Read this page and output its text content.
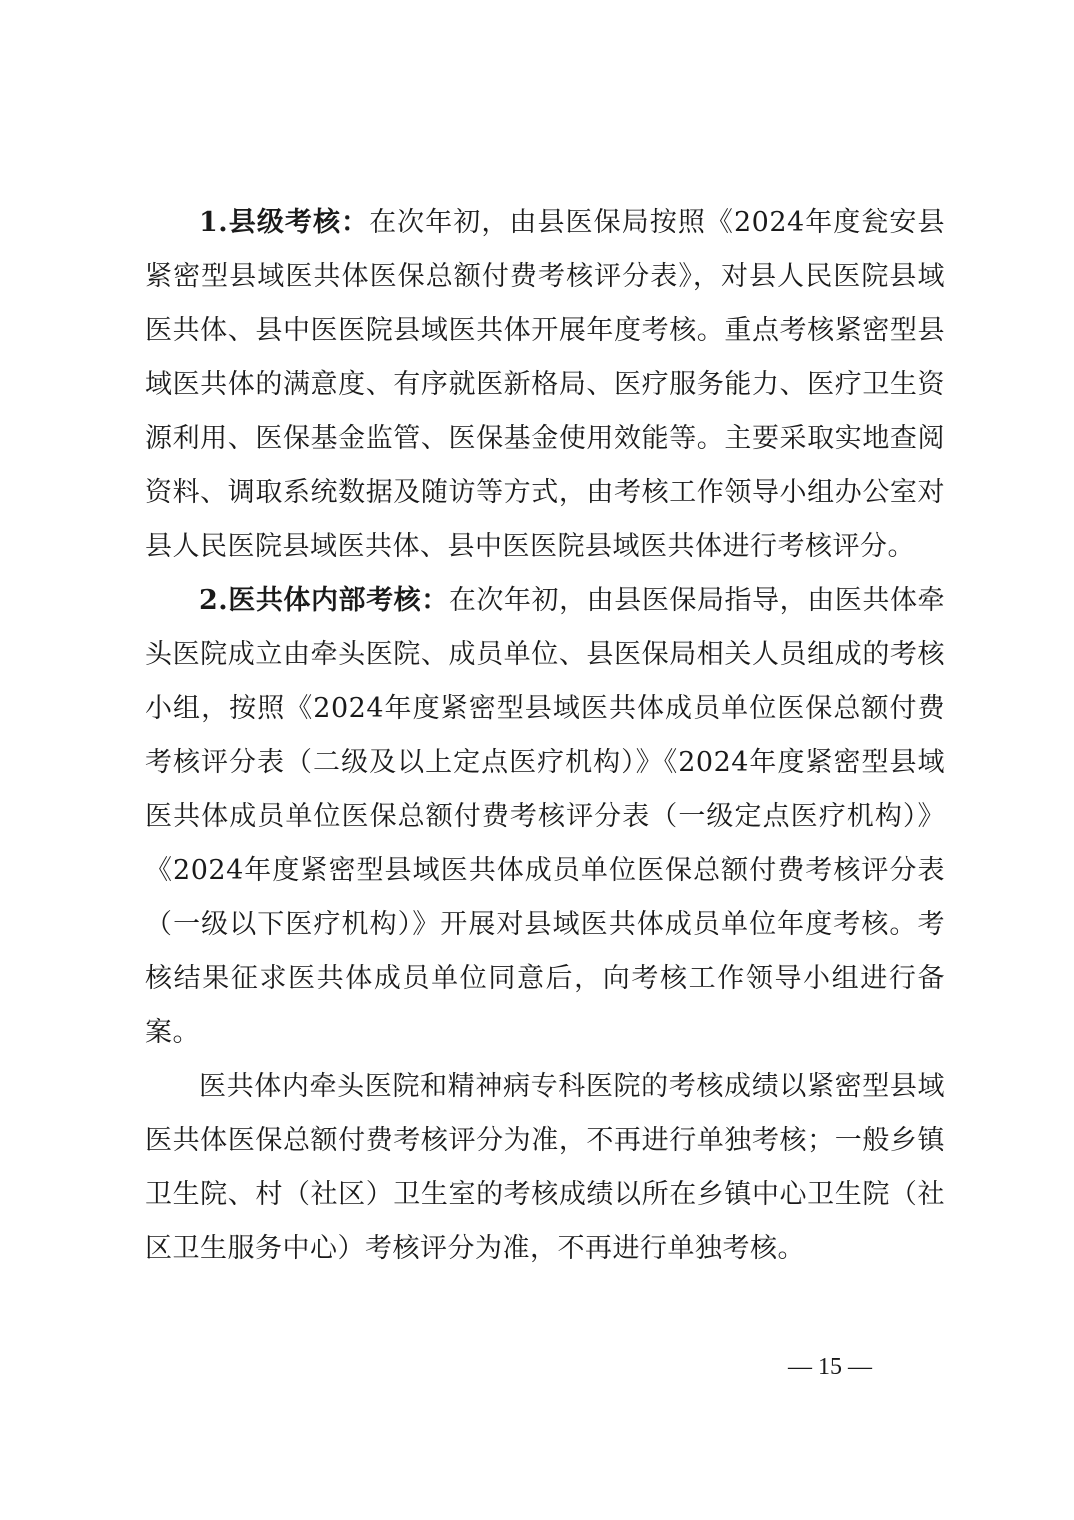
1.县级考核：在次年初，由县医保局按照《2024年度瓮安县紧密型县域医共体医保总额付费考核评分表》，对县人民医院县域医共体、县中医医院县域医共体开展年度考核。重点考核紧密型县域医共体的满意度、有序就医新格局、医疗服务能力、医疗卫生资源利用、医保基金监管、医保基金使用效能等。主要采取实地查阅资料、调取系统数据及随访等方式，由考核工作领导小组办公室对县人民医院县域医共体、县中医医院县域医共体进行考核评分。

2.医共体内部考核：在次年初，由县医保局指导，由医共体牵头医院成立由牵头医院、成员单位、县医保局相关人员组成的考核小组，按照《2024年度紧密型县域医共体成员单位医保总额付费考核评分表（二级及以上定点医疗机构）》《2024年度紧密型县域医共体成员单位医保总额付费考核评分表（一级定点医疗机构）》《2024年度紧密型县域医共体成员单位医保总额付费考核评分表（一级以下医疗机构）》开展对县域医共体成员单位年度考核。考核结果征求医共体成员单位同意后，向考核工作领导小组进行备案。

医共体内牵头医院和精神病专科医院的考核成绩以紧密型县域医共体医保总额付费考核评分为准，不再进行单独考核；一般乡镇卫生院、村（社区）卫生室的考核成绩以所在乡镇中心卫生院（社区卫生服务中心）考核评分为准，不再进行单独考核。

— 15 —
